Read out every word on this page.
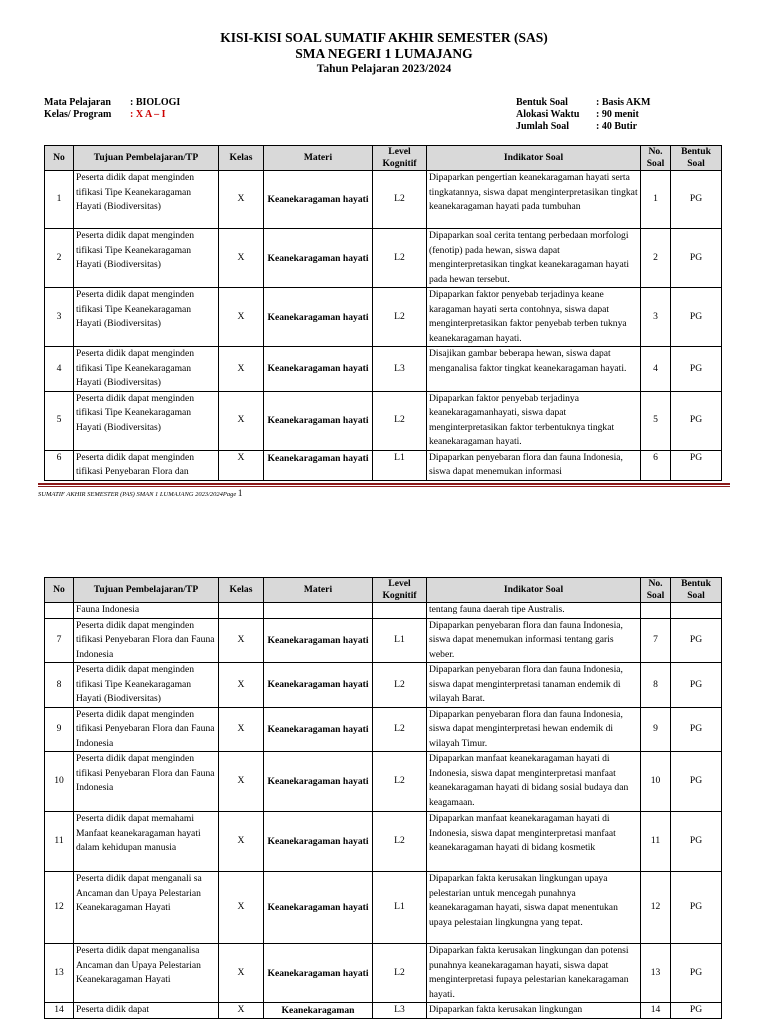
KISI-KISI SOAL SUMATIF AKHIR SEMESTER (SAS)
SMA NEGERI 1 LUMAJANG
Tahun Pelajaran 2023/2024
Mata Pelajaran	: BIOLOGI
Kelas/ Program	: X A – I
Bentuk Soal	: Basis AKM
Alokasi Waktu	: 90 menit
Jumlah Soal	: 40 Butir
No	Tujuan Pembelajaran/TP	Kelas	Materi	Level Kognitif	Indikator Soal	No. Soal	Bentuk Soal
1	Peserta didik dapat menginden tifikasi Tipe Keanekaragaman Hayati (Biodiversitas)	X	Keanekaragaman hayati	L2	Dipaparkan pengertian keanekaragaman hayati serta tingkatannya, siswa dapat menginterpretasikan tingkat keanekaragaman hayati pada tumbuhan	1	PG
2	Peserta didik dapat menginden tifikasi Tipe Keanekaragaman Hayati (Biodiversitas)	X	Keanekaragaman hayati	L2	Dipaparkan soal cerita tentang perbedaan morfologi (fenotip) pada hewan, siswa dapat menginterpretasikan tingkat keanekaragaman hayati pada hewan tersebut.	2	PG
3	Peserta didik dapat menginden tifikasi Tipe Keanekaragaman Hayati (Biodiversitas)	X	Keanekaragaman hayati	L2	Dipaparkan faktor penyebab terjadinya keane karagaman hayati serta contohnya, siswa dapat menginterpretasikan faktor penyebab terben tuknya keanekaragaman hayati.	3	PG
4	Peserta didik dapat menginden tifikasi Tipe Keanekaragaman Hayati (Biodiversitas)	X	Keanekaragaman hayati	L3	Disajikan gambar beberapa hewan, siswa dapat menganalisa faktor tingkat keanekaragaman hayati.	4	PG
5	Peserta didik dapat menginden tifikasi Tipe Keanekaragaman Hayati (Biodiversitas)	X	Keanekaragaman hayati	L2	Dipaparkan faktor penyebab terjadinya keanekaragamanhayati, siswa dapat menginterpretasikan faktor terbentuknya tingkat keanekaragaman hayati.	5	PG
6	Peserta didik dapat menginden tifikasi Penyebaran Flora dan	X	Keanekaragaman hayati	L1	Dipaparkan penyebaran flora dan fauna Indonesia, siswa dapat menemukan informasi	6	PG
SUMATIF AKHIR SEMESTER (PAS) SMAN 1 LUMAJANG 2023/2024Page 1
No	Tujuan Pembelajaran/TP	Kelas	Materi	Level Kognitif	Indikator Soal	No. Soal	Bentuk Soal
	Fauna Indonesia				tentang fauna daerah tipe Australis.		
7	Peserta didik dapat menginden tifikasi Penyebaran Flora dan Fauna Indonesia	X	Keanekaragaman hayati	L1	Dipaparkan penyebaran flora dan fauna Indonesia, siswa dapat menemukan informasi tentang garis weber.	7	PG
8	Peserta didik dapat menginden tifikasi Tipe Keanekaragaman Hayati (Biodiversitas)	X	Keanekaragaman hayati	L2	Dipaparkan penyebaran flora dan fauna Indonesia, siswa dapat menginterpretasi tanaman endemik di wilayah Barat.	8	PG
9	Peserta didik dapat menginden tifikasi Penyebaran Flora dan Fauna Indonesia	X	Keanekaragaman hayati	L2	Dipaparkan penyebaran flora dan fauna Indonesia, siswa dapat menginterpretasi hewan endemik di wilayah Timur.	9	PG
10	Peserta didik dapat menginden tifikasi Penyebaran Flora dan Fauna Indonesia	X	Keanekaragaman hayati	L2	Dipaparkan manfaat keanekaragaman hayati di Indonesia, siswa dapat menginterpretasi manfaat keanekaragaman hayati di bidang sosial budaya dan keagamaan.	10	PG
11	Peserta didik dapat memahami Manfaat keanekaragaman hayati dalam kehidupan manusia	X	Keanekaragaman hayati	L2	Dipaparkan manfaat keanekaragaman hayati di Indonesia, siswa dapat menginterpretasi manfaat keanekaragaman hayati di bidang kosmetik	11	PG
12	Peserta didik dapat menganali sa Ancaman dan Upaya Pelestarian Keanekaragaman Hayati	X	Keanekaragaman hayati	L1	Dipaparkan fakta kerusakan lingkungan upaya pelestarian untuk mencegah punahnya keanekaragaman hayati, siswa dapat menentukan upaya pelestaian lingkungna yang tepat.	12	PG
13	Peserta didik dapat menganalisa Ancaman dan Upaya Pelestarian Keanekaragaman Hayati	X	Keanekaragaman hayati	L2	Dipaparkan fakta kerusakan lingkungan dan potensi punahnya keanekaragaman hayati, siswa dapat menginterpretasi fupaya pelestarian kanekaragaman hayati.	13	PG
14	Peserta didik dapat	X	Keanekaragaman	L3	Dipaparkan fakta kerusakan lingkungan	14	PG
